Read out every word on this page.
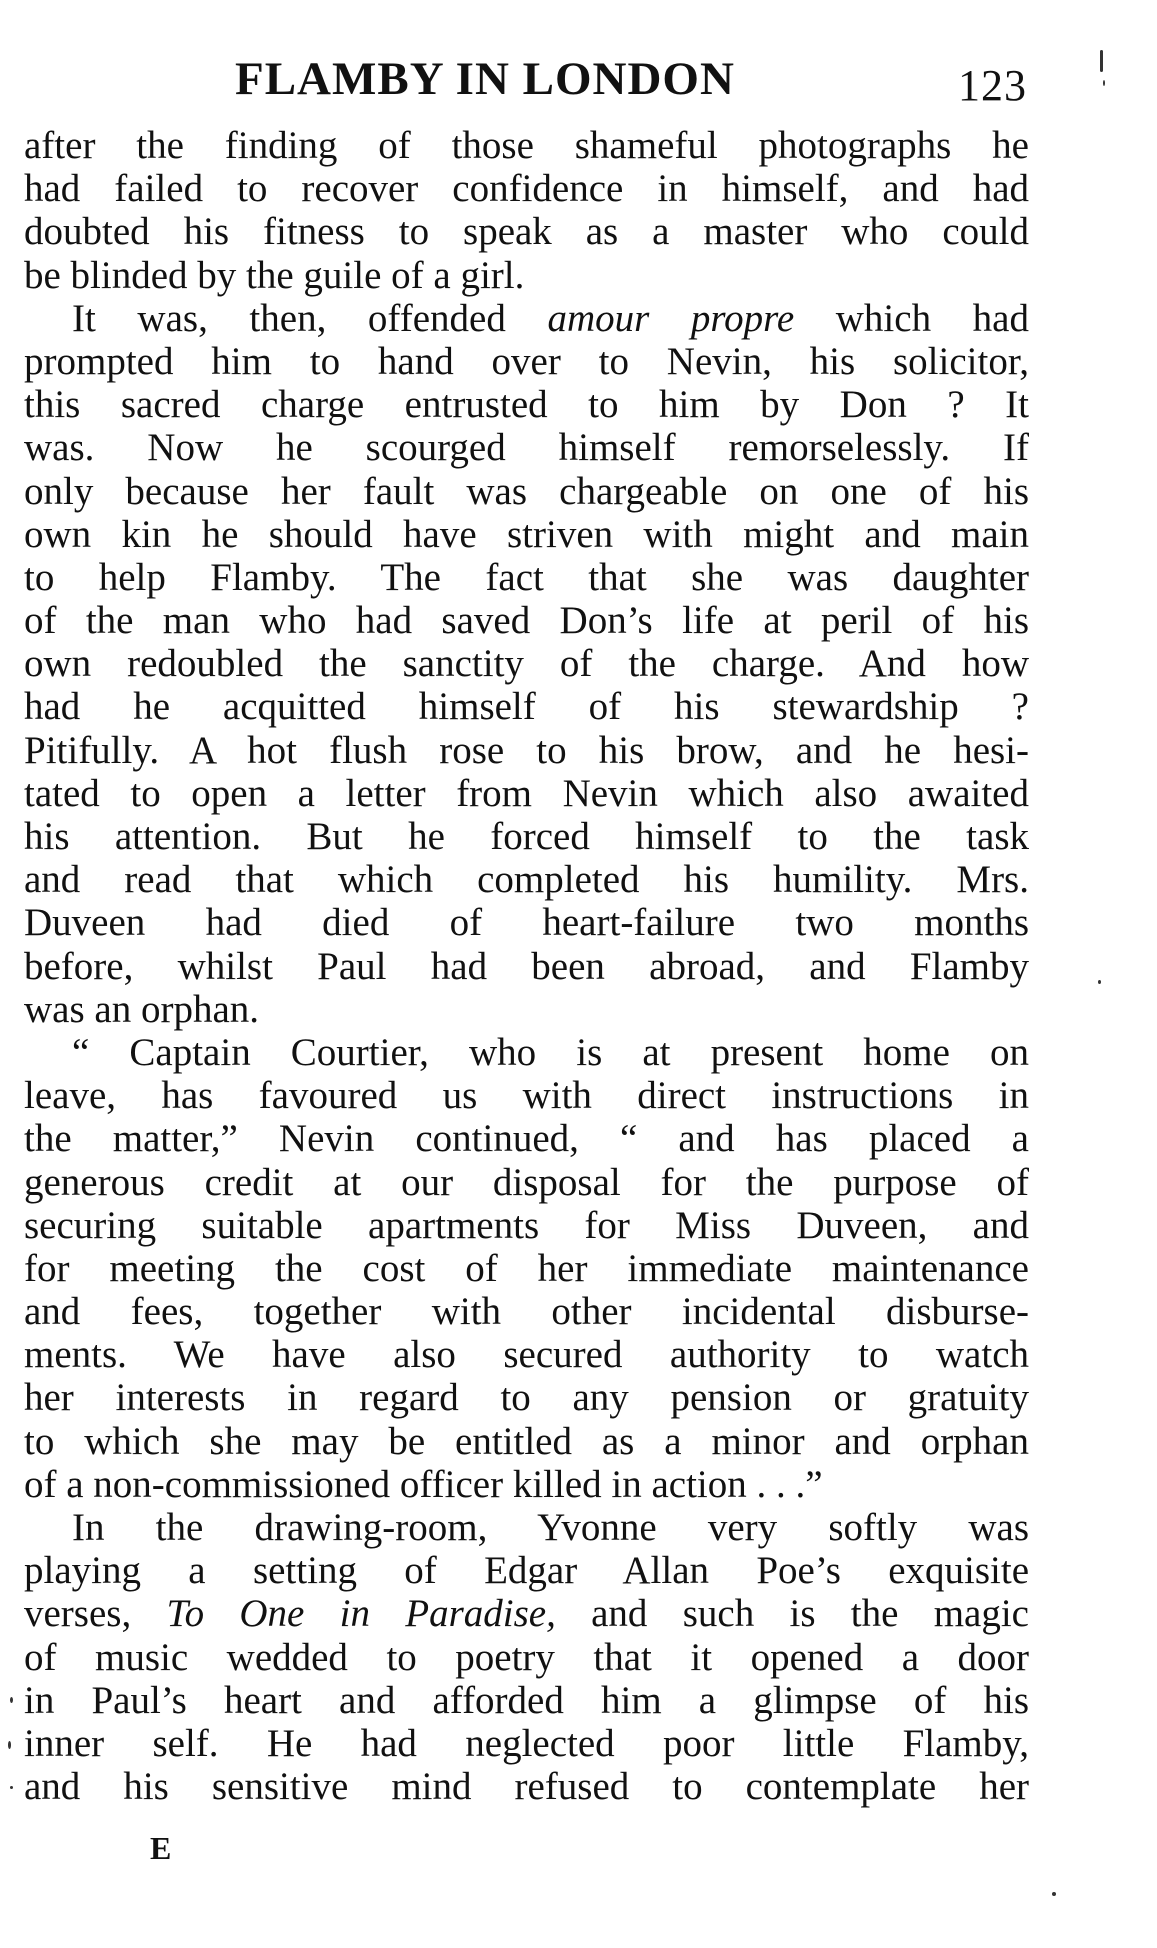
FLAMBY IN LONDON	123
after the finding of those shameful photographs he
had failed to recover confidence in himself, and had
doubted his fitness to speak as a master who could
be blinded by the guile of a girl.
It was, then, offended amour propre which had
prompted him to hand over to Nevin, his solicitor,
this sacred charge entrusted to him by Don ? It
was. Now he scourged himself remorselessly. If
only because her fault was chargeable on one of his
own kin he should have striven with might and main
to help Flamby. The fact that she was daughter
of the man who had saved Don’s life at peril of his
own redoubled the sanctity of the charge. And how
had he acquitted himself of his stewardship ?
Pitifully. A hot flush rose to his brow, and he hesi-
tated to open a letter from Nevin which also awaited
his attention. But he forced himself to the task
and read that which completed his humility. Mrs.
Duveen had died of heart-failure two months
before, whilst Paul had been abroad, and Flamby
was an orphan.
“ Captain Courtier, who is at present home on
leave, has favoured us with direct instructions in
the matter,” Nevin continued, “ and has placed a
generous credit at our disposal for the purpose of
securing suitable apartments for Miss Duveen, and
for meeting the cost of her immediate maintenance
and fees, together with other incidental disburse-
ments. We have also secured authority to watch
her interests in regard to any pension or gratuity
to which she may be entitled as a minor and orphan
of a non-commissioned officer killed in action . . .”
In the drawing-room, Yvonne very softly was
playing a setting of Edgar Allan Poe’s exquisite
verses, To One in Paradise, and such is the magic
of music wedded to poetry that it opened a door
in Paul’s heart and afforded him a glimpse of his
inner self. He had neglected poor little Flamby,
and his sensitive mind refused to contemplate her
E
